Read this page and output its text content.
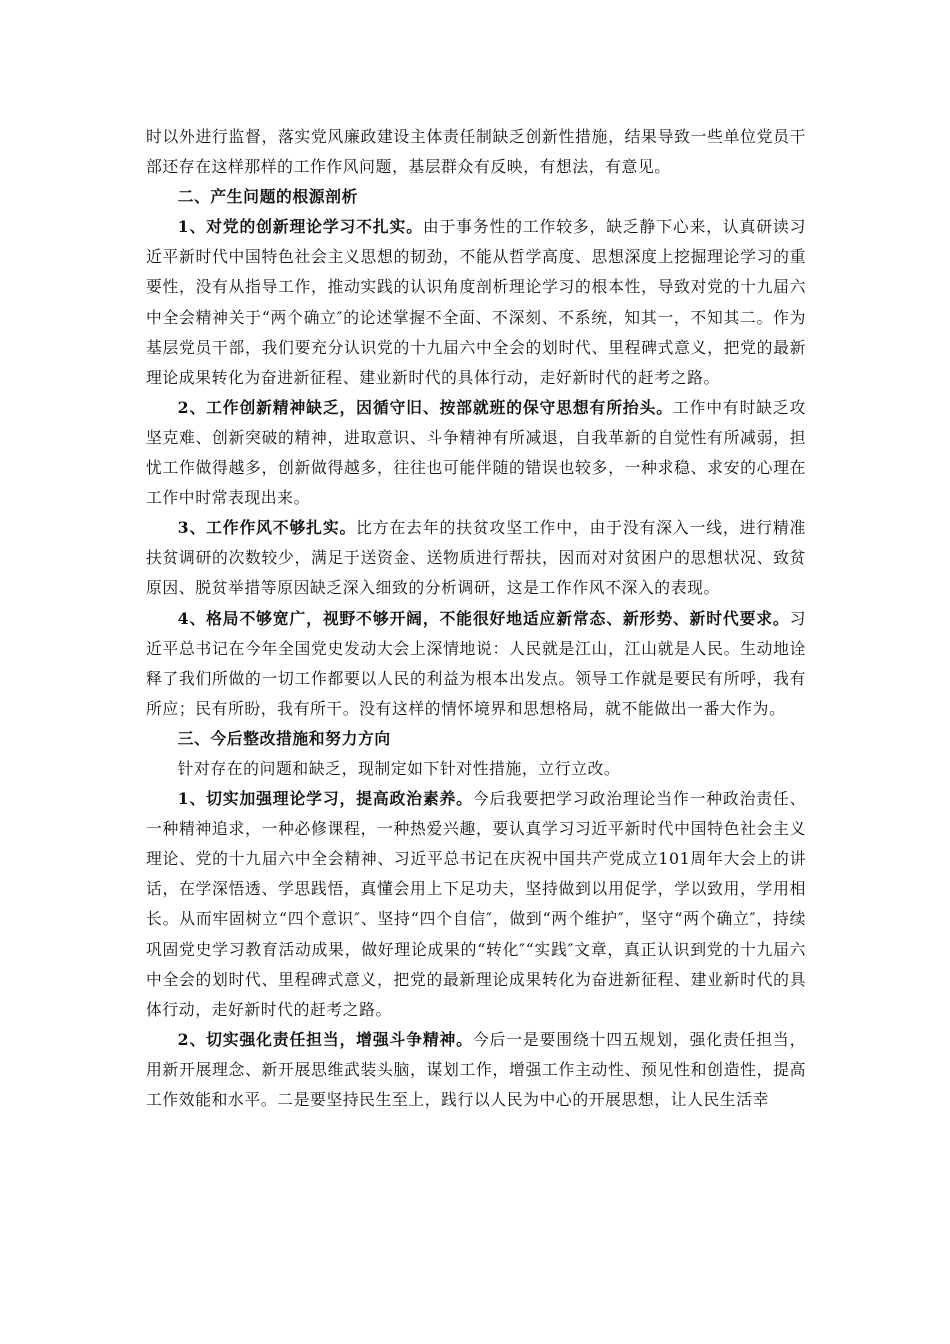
时以外进行监督，落实党风廉政建设主体责任制缺乏创新性措施，结果导致一些单位党员干部还存在这样那样的工作作风问题，基层群众有反映，有想法，有意见。

二、产生问题的根源剖析

1、对党的创新理论学习不扎实。由于事务性的工作较多，缺乏静下心来，认真研读习近平新时代中国特色社会主义思想的韧劲，不能从哲学高度、思想深度上挖掘理论学习的重要性，没有从指导工作，推动实践的认识角度剖析理论学习的根本性，导致对党的十九届六中全会精神关于“两个确立″的论述掌握不全面、不深刻、不系统，知其一，不知其二。作为基层党员干部，我们要充分认识党的十九届六中全会的划时代、里程碑式意义，把党的最新理论成果转化为奋进新征程、建业新时代的具体行动，走好新时代的赶考之路。

2、工作创新精神缺乏，因循守旧、按部就班的保守思想有所抬头。工作中有时缺乏攻坚克难、创新突破的精神，进取意识、斗争精神有所减退，自我革新的自觉性有所减弱，担忧工作做得越多，创新做得越多，往往也可能伴随的错误也较多，一种求稳、求安的心理在工作中时常表现出来。

3、工作作风不够扎实。比方在去年的扶贫攻坚工作中，由于没有深入一线，进行精准扶贫调研的次数较少，满足于送资金、送物质进行帮扶，因而对对贫困户的思想状况、致贫原因、脱贫举措等原因缺乏深入细致的分析调研，这是工作作风不深入的表现。

4、格局不够宽广，视野不够开阔，不能很好地适应新常态、新形势、新时代要求。习近平总书记在今年全国党史发动大会上深情地说：人民就是江山，江山就是人民。生动地诠释了我们所做的一切工作都要以人民的利益为根本出发点。领导工作就是要民有所呼，我有所应；民有所盼，我有所干。没有这样的情怀境界和思想格局，就不能做出一番大作为。

三、今后整改措施和努力方向

针对存在的问题和缺乏，现制定如下针对性措施，立行立改。

1、切实加强理论学习，提高政治素养。今后我要把学习政治理论当作一种政治责任、一种精神追求，一种必修课程，一种热爱兴趣，要认真学习习近平新时代中国特色社会主义理论、党的十九届六中全会精神、习近平总书记在庆祝中国共产党成立101周年大会上的讲话，在学深悟透、学思践悟，真懂会用上下足功夫，坚持做到以用促学，学以致用，学用相长。从而牢固树立“四个意识″、坚持“四个自信″，做到“两个维护″，坚守“两个确立″，持续巩固党史学习教育活动成果，做好理论成果的“转化″“实践″文章，真正认识到党的十九届六中全会的划时代、里程碑式意义，把党的最新理论成果转化为奋进新征程、建业新时代的具体行动，走好新时代的赶考之路。

2、切实强化责任担当，增强斗争精神。今后一是要围绕十四五规划，强化责任担当，用新开展理念、新开展思维武装头脑，谋划工作，增强工作主动性、预见性和创造性，提高工作效能和水平。二是要坚持民生至上，践行以人民为中心的开展思想，让人民生活幸
